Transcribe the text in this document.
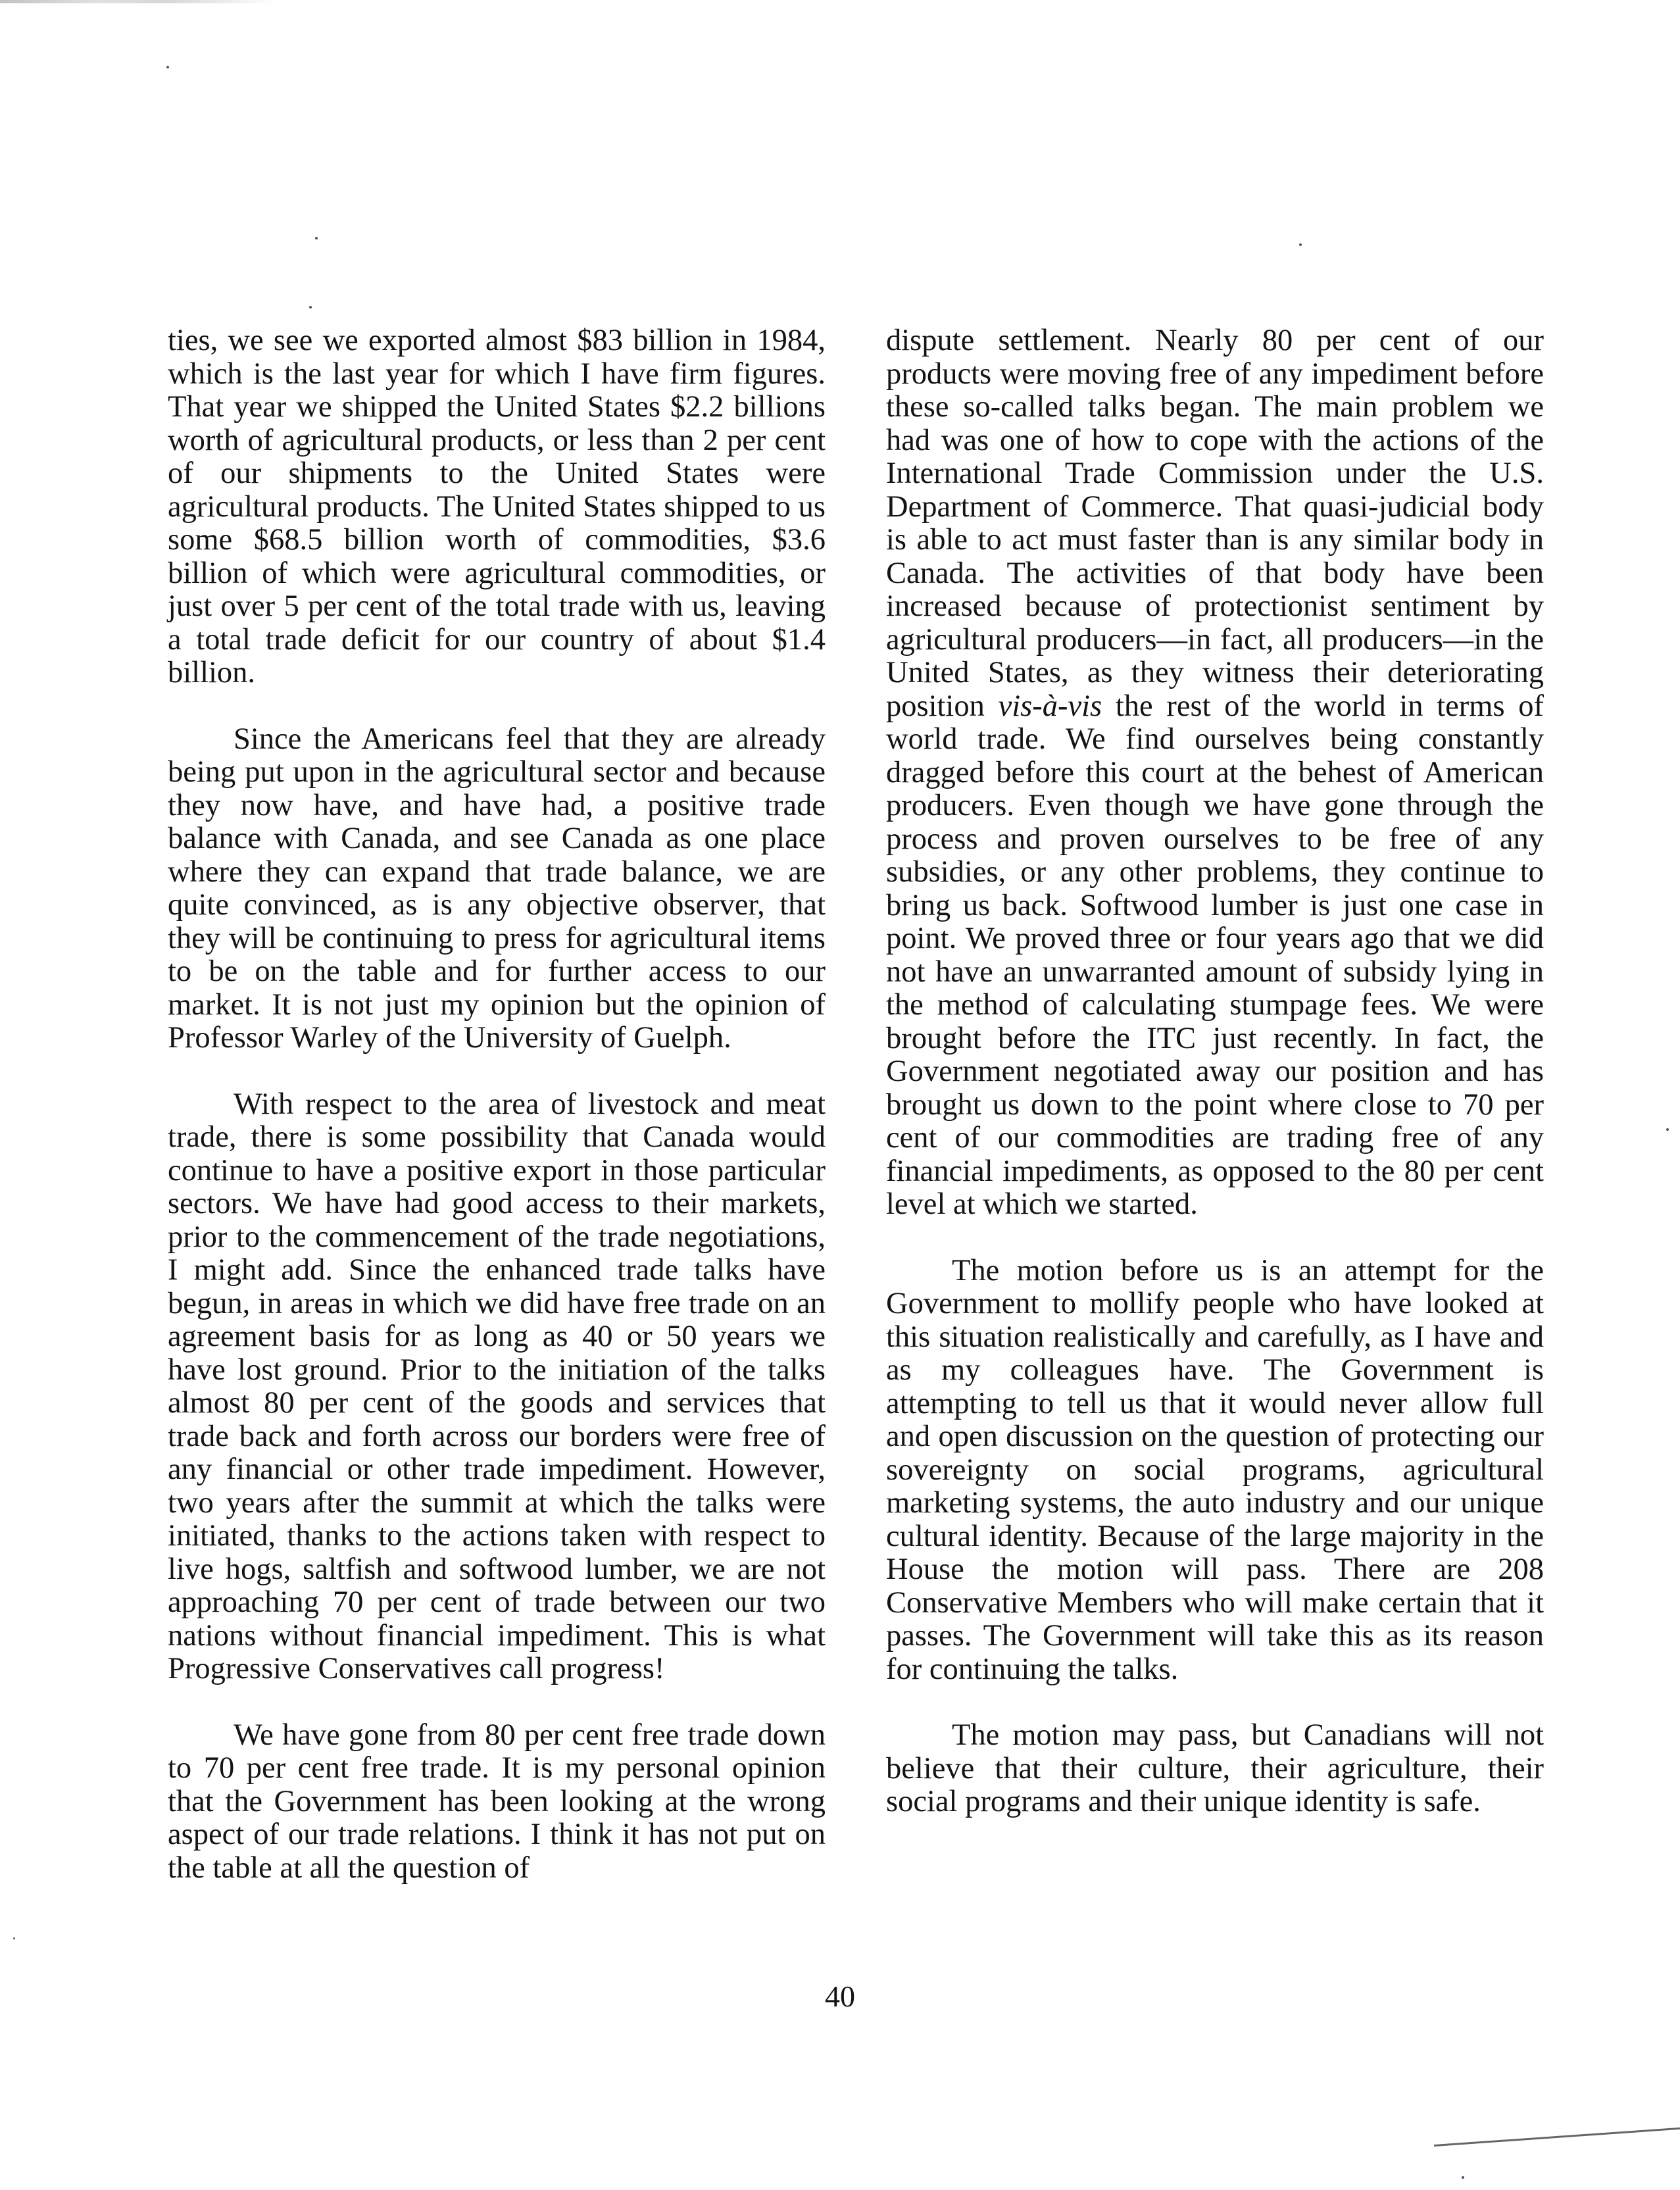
ties, we see we exported almost $83 billion in 1984, which is the last year for which I have firm figures. That year we shipped the United States $2.2 billions worth of agricultural products, or less than 2 per cent of our shipments to the United States were agricultural products. The United States shipped to us some $68.5 billion worth of commodities, $3.6 billion of which were agricultural commodities, or just over 5 per cent of the total trade with us, leaving a total trade deficit for our country of about $1.4 billion.

Since the Americans feel that they are already being put upon in the agricultural sector and because they now have, and have had, a positive trade balance with Canada, and see Canada as one place where they can expand that trade balance, we are quite convinced, as is any objective observer, that they will be continuing to press for agricultural items to be on the table and for further access to our market. It is not just my opinion but the opinion of Professor Warley of the University of Guelph.

With respect to the area of livestock and meat trade, there is some possibility that Canada would continue to have a positive export in those particular sectors. We have had good access to their markets, prior to the commencement of the trade negotiations, I might add. Since the enhanced trade talks have begun, in areas in which we did have free trade on an agreement basis for as long as 40 or 50 years we have lost ground. Prior to the initiation of the talks almost 80 per cent of the goods and services that trade back and forth across our borders were free of any financial or other trade impediment. However, two years after the summit at which the talks were initiated, thanks to the actions taken with respect to live hogs, saltfish and softwood lumber, we are not approaching 70 per cent of trade between our two nations without financial impediment. This is what Progressive Conservatives call progress!

We have gone from 80 per cent free trade down to 70 per cent free trade. It is my personal opinion that the Government has been looking at the wrong aspect of our trade relations. I think it has not put on the table at all the question of

dispute settlement. Nearly 80 per cent of our products were moving free of any impediment before these so-called talks began. The main problem we had was one of how to cope with the actions of the International Trade Commission under the U.S. Department of Commerce. That quasi-judicial body is able to act must faster than is any similar body in Canada. The activities of that body have been increased because of protectionist sentiment by agricultural producers—in fact, all producers—in the United States, as they witness their deteriorating position vis-à-vis the rest of the world in terms of world trade. We find ourselves being constantly dragged before this court at the behest of American producers. Even though we have gone through the process and proven ourselves to be free of any subsidies, or any other problems, they continue to bring us back. Softwood lumber is just one case in point. We proved three or four years ago that we did not have an unwarranted amount of subsidy lying in the method of calculating stumpage fees. We were brought before the ITC just recently. In fact, the Government negotiated away our position and has brought us down to the point where close to 70 per cent of our commodities are trading free of any financial impediments, as opposed to the 80 per cent level at which we started.

The motion before us is an attempt for the Government to mollify people who have looked at this situation realistically and carefully, as I have and as my colleagues have. The Government is attempting to tell us that it would never allow full and open discussion on the question of protecting our sovereignty on social programs, agricultural marketing systems, the auto industry and our unique cultural identity. Because of the large majority in the House the motion will pass. There are 208 Conservative Members who will make certain that it passes. The Government will take this as its reason for continuing the talks.

The motion may pass, but Canadians will not believe that their culture, their agriculture, their social programs and their unique identity is safe.

40
